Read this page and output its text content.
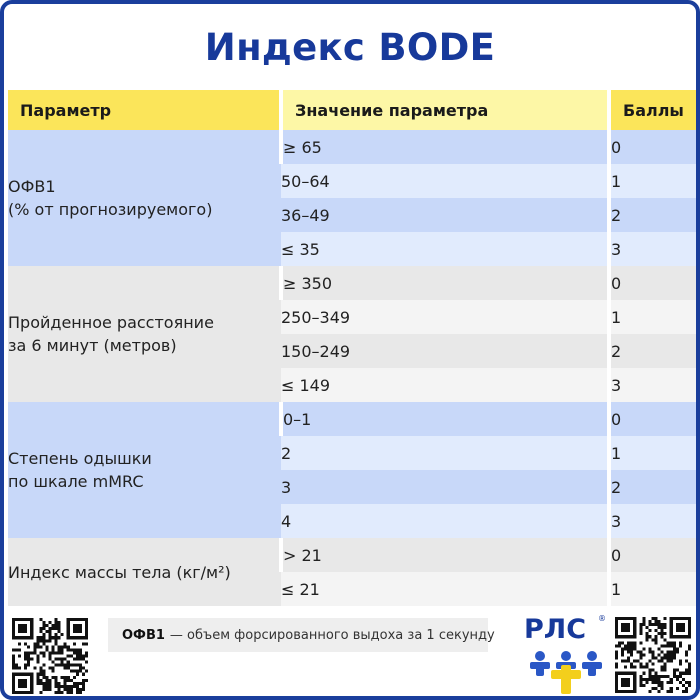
Индекс BODE
Параметр	Значение параметра	Баллы

ОФВ1
(% от прогнозируемого)	≥ 65	0
	50–64	1
	36–49	2
	≤ 35	3

Пройденное расстояние
за 6 минут (метров)	≥ 350	0
	250–349	1
	150–249	2
	≤ 149	3

Степень одышки
по шкале mMRC	0–1	0
	2	1
	3	2
	4	3

Индекс массы тела (кг/м²)	> 21	0
	≤ 21	1
ОФВ1 — объем форсированного выдоха за 1 секунду РЛС ®
